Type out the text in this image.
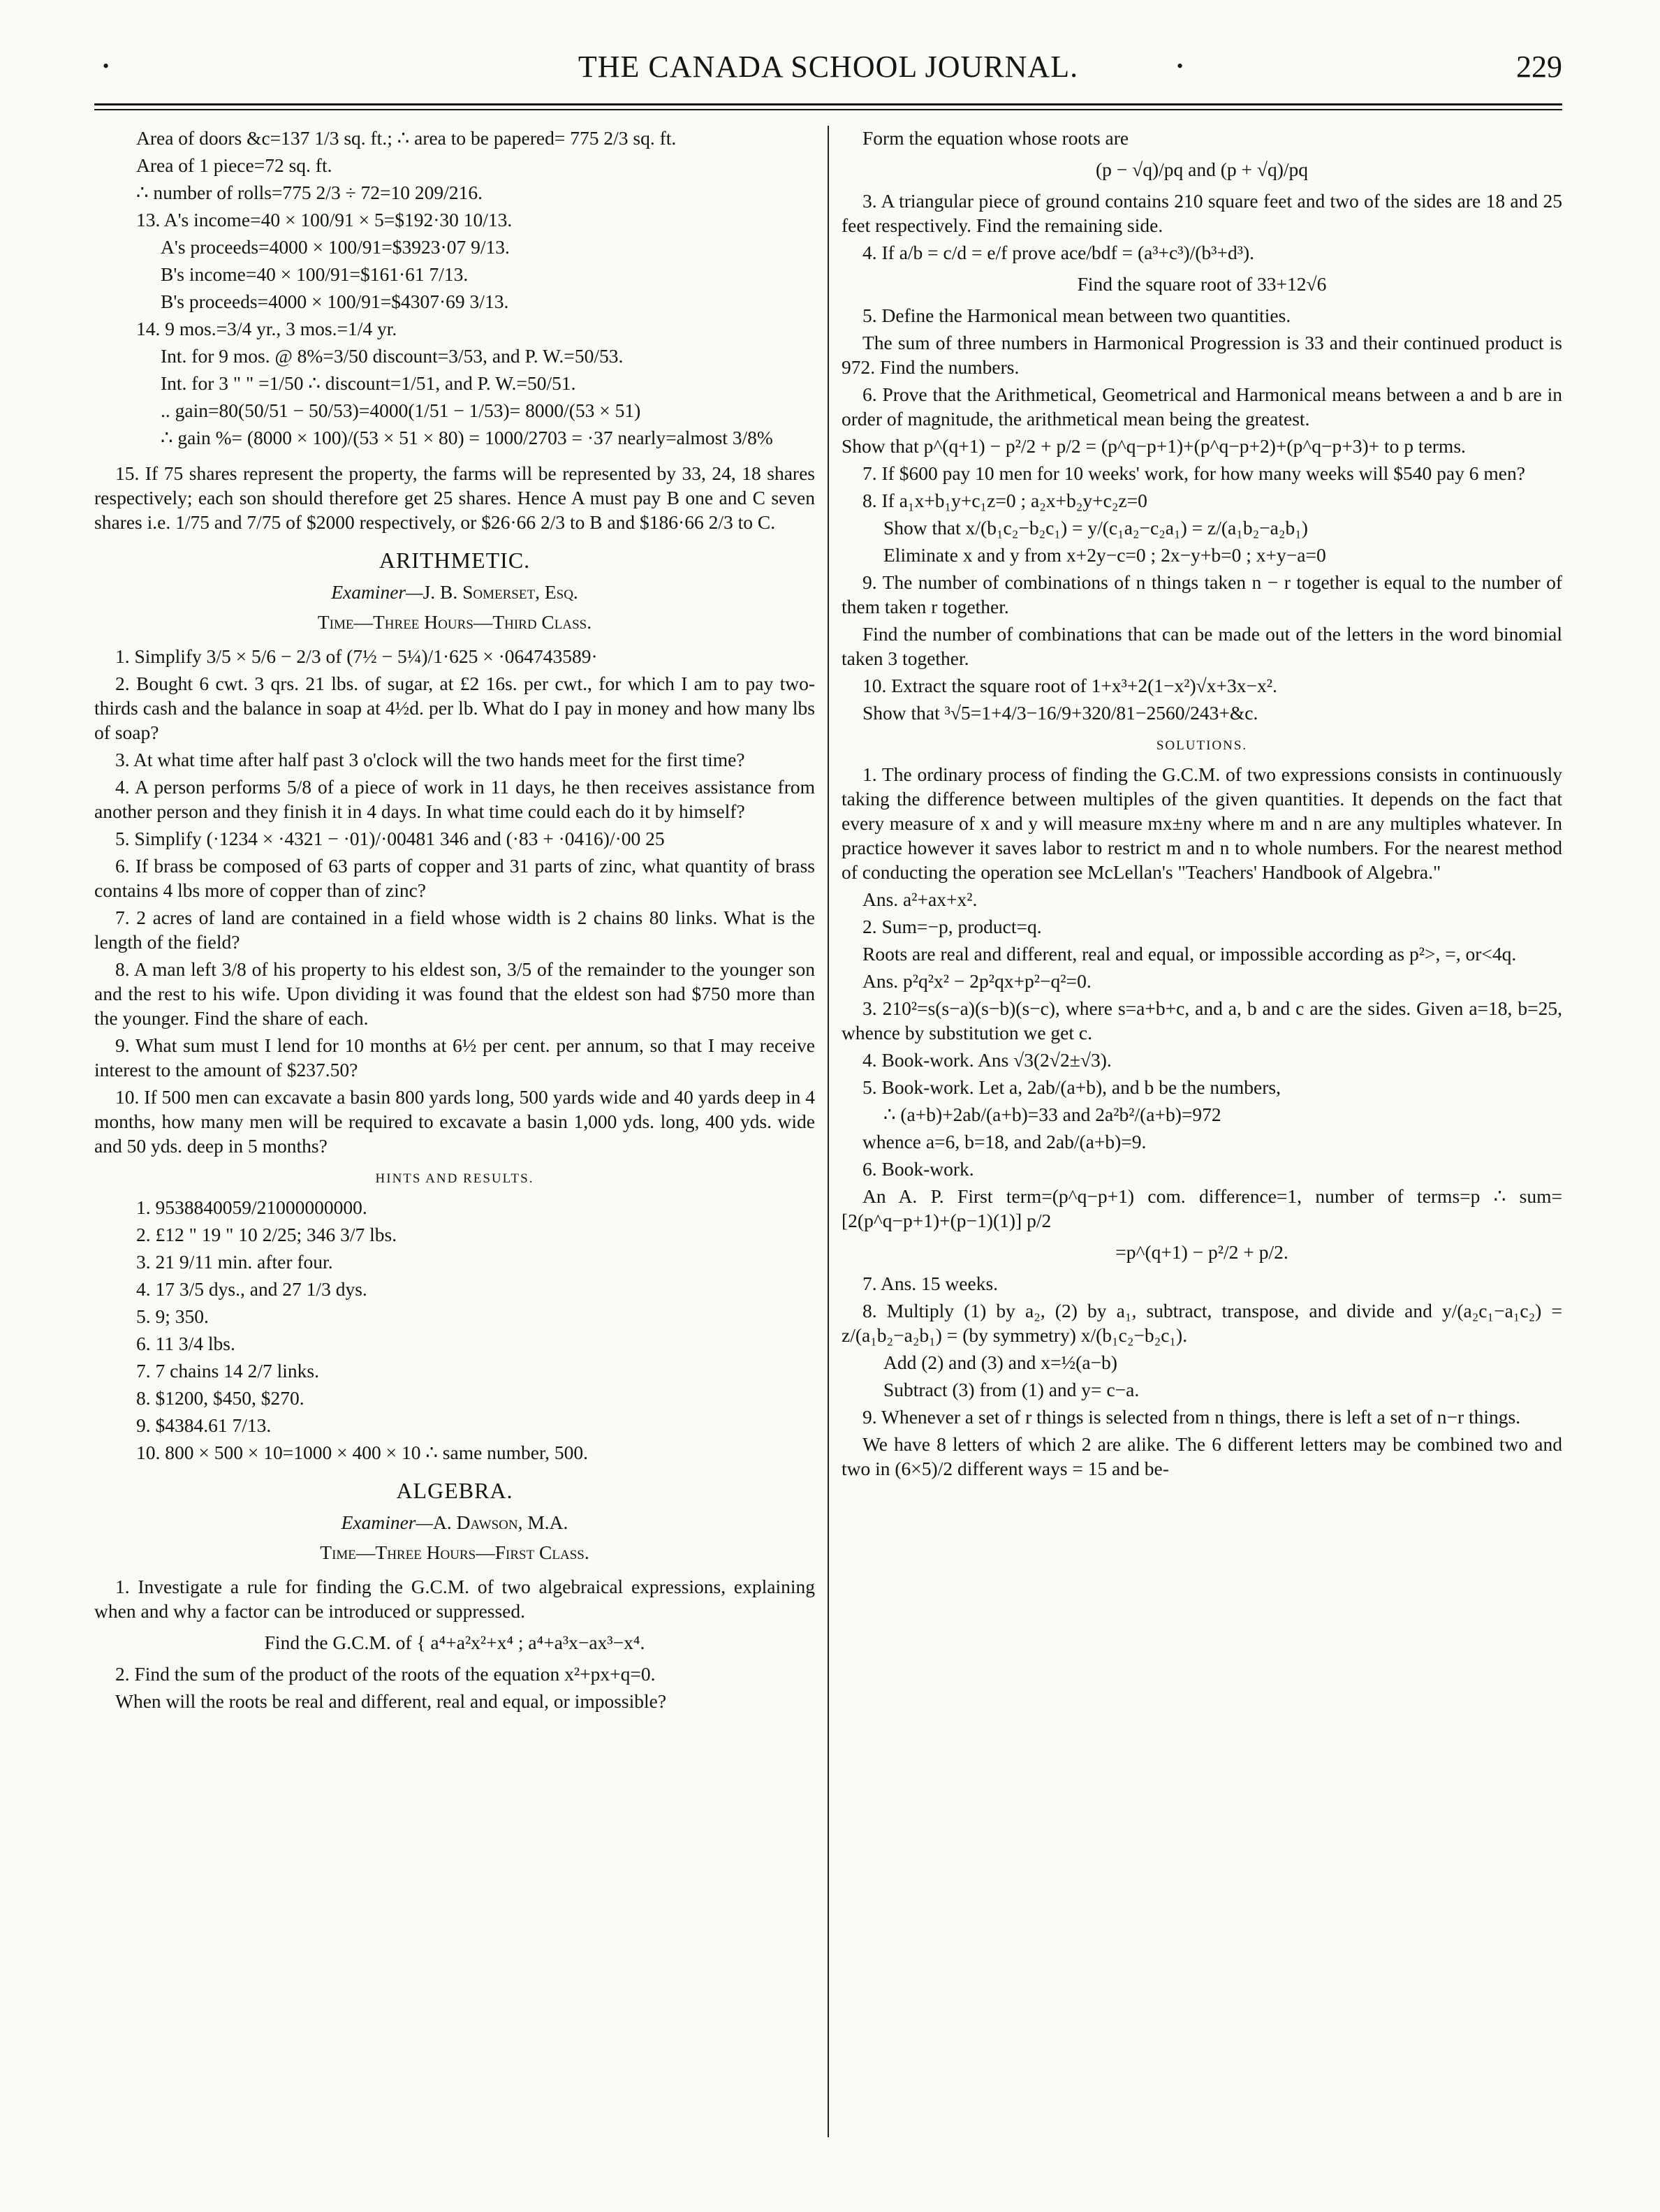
•	THE CANADA SCHOOL JOURNAL.	•	229

Area of doors &c=137 1/3 sq. ft.; ∴ area to be papered= 775 2/3 sq. ft.

Area of 1 piece=72 sq. ft.

∴ number of rolls=775 2/3 ÷ 72=10 209/216.

13. A's income=40 × 100/91 × 5=$192·30 10/13.

A's proceeds=4000 × 100/91=$3923·07 9/13.

B's income=40 × 100/91=$161·61 7/13.

B's proceeds=4000 × 100/91=$4307·69 3/13.

14. 9 mos.=3/4 yr., 3 mos.=1/4 yr.

Int. for 9 mos. @ 8%=3/50 discount=3/53, and P. W.=50/53.

Int. for 3 " " =1/50 ∴ discount=1/51, and P. W.=50/51.

.. gain=80(50/51 − 50/53)=4000(1/51 − 1/53)= 8000/(53 × 51)

∴ gain %= (8000 × 100)/(53 × 51 × 80) = 1000/2703 = ·37 nearly=almost 3/8%

15. If 75 shares represent the property, the farms will be represented by 33, 24, 18 shares respectively; each son should therefore get 25 shares. Hence A must pay B one and C seven shares i.e. 1/75 and 7/75 of $2000 respectively, or $26·66 2/3 to B and $186·66 2/3 to C.

ARITHMETIC.
Examiner—J. B. Somerset, Esq.
Time—Three Hours—Third Class.

1. Simplify 3/5 × 5/6 − 2/3 of (7½ − 5¼)/1·625 × ·064743589·

2. Bought 6 cwt. 3 qrs. 21 lbs. of sugar, at £2 16s. per cwt., for which I am to pay two-thirds cash and the balance in soap at 4½d. per lb. What do I pay in money and how many lbs of soap?

3. At what time after half past 3 o'clock will the two hands meet for the first time?

4. A person performs 5/8 of a piece of work in 11 days, he then receives assistance from another person and they finish it in 4 days. In what time could each do it by himself?

5. Simplify (·1234 × ·4321 − ·01)/·00481 346 and (·83 + ·0416)/·00 25

6. If brass be composed of 63 parts of copper and 31 parts of zinc, what quantity of brass contains 4 lbs more of copper than of zinc?

7. 2 acres of land are contained in a field whose width is 2 chains 80 links. What is the length of the field?

8. A man left 3/8 of his property to his eldest son, 3/5 of the remainder to the younger son and the rest to his wife. Upon dividing it was found that the eldest son had $750 more than the younger. Find the share of each.

9. What sum must I lend for 10 months at 6½ per cent. per annum, so that I may receive interest to the amount of $237.50?

10. If 500 men can excavate a basin 800 yards long, 500 yards wide and 40 yards deep in 4 months, how many men will be required to excavate a basin 1,000 yds. long, 400 yds. wide and 50 yds. deep in 5 months?

HINTS AND RESULTS.

1. 9538840059/21000000000.

2. £12 " 19 " 10 2/25; 346 3/7 lbs.

3. 21 9/11 min. after four.

4. 17 3/5 dys., and 27 1/3 dys.

5. 9; 350.

6. 11 3/4 lbs.

7. 7 chains 14 2/7 links.

8. $1200, $450, $270.

9. $4384.61 7/13.

10. 800 × 500 × 10=1000 × 400 × 10 ∴ same number, 500.

ALGEBRA.
Examiner—A. Dawson, M.A.
Time—Three Hours—First Class.

1. Investigate a rule for finding the G.C.M. of two algebraical expressions, explaining when and why a factor can be introduced or suppressed.

Find the G.C.M. of { a⁴+a²x²+x⁴ ; a⁴+a³x−ax³−x⁴.

2. Find the sum of the product of the roots of the equation x²+px+q=0.

When will the roots be real and different, real and equal, or impossible?

Form the equation whose roots are

(p − √q)/pq and (p + √q)/pq

3. A triangular piece of ground contains 210 square feet and two of the sides are 18 and 25 feet respectively. Find the remaining side.

4. If a/b = c/d = e/f prove ace/bdf = (a³+c³)/(b³+d³).

Find the square root of 33+12√6

5. Define the Harmonical mean between two quantities.

The sum of three numbers in Harmonical Progression is 33 and their continued product is 972. Find the numbers.

6. Prove that the Arithmetical, Geometrical and Harmonical means between a and b are in order of magnitude, the arithmetical mean being the greatest.

Show that p^(q+1) − p²/2 + p/2 = (p^q−p+1)+(p^q−p+2)+(p^q−p+3)+ to p terms.

7. If $600 pay 10 men for 10 weeks' work, for how many weeks will $540 pay 6 men?

8. If a₁x+b₁y+c₁z=0 ; a₂x+b₂y+c₂z=0

Show that x/(b₁c₂−b₂c₁) = y/(c₁a₂−c₂a₁) = z/(a₁b₂−a₂b₁)

Eliminate x and y from x+2y−c=0 ; 2x−y+b=0 ; x+y−a=0

9. The number of combinations of n things taken n − r together is equal to the number of them taken r together.

Find the number of combinations that can be made out of the letters in the word binomial taken 3 together.

10. Extract the square root of 1+x³+2(1−x²)√x+3x−x².

Show that ³√5=1+4/3−16/9+320/81−2560/243+&c.

SOLUTIONS.

1. The ordinary process of finding the G.C.M. of two expressions consists in continuously taking the difference between multiples of the given quantities. It depends on the fact that every measure of x and y will measure mx±ny where m and n are any multiples whatever. In practice however it saves labor to restrict m and n to whole numbers. For the nearest method of conducting the operation see McLellan's "Teachers' Handbook of Algebra."

Ans. a²+ax+x².

2. Sum=−p, product=q.

Roots are real and different, real and equal, or impossible according as p²>, =, or<4q.

Ans. p²q²x² − 2p²qx+p²−q²=0.

3. 210²=s(s−a)(s−b)(s−c), where s=a+b+c, and a, b and c are the sides. Given a=18, b=25, whence by substitution we get c.

4. Book-work. Ans √3(2√2±√3).

5. Book-work. Let a, 2ab/(a+b), and b be the numbers,

∴ (a+b)+2ab/(a+b)=33 and 2a²b²/(a+b)=972

whence a=6, b=18, and 2ab/(a+b)=9.

6. Book-work.

An A. P. First term=(p^q−p+1) com. difference=1, number of terms=p ∴ sum=[2(p^q−p+1)+(p−1)(1)] p/2

=p^(q+1) − p²/2 + p/2.

7. Ans. 15 weeks.

8. Multiply (1) by a₂, (2) by a₁, subtract, transpose, and divide and y/(a₂c₁−a₁c₂) = z/(a₁b₂−a₂b₁) = (by symmetry) x/(b₁c₂−b₂c₁).

Add (2) and (3) and x=½(a−b)

Subtract (3) from (1) and y= c−a.

9. Whenever a set of r things is selected from n things, there is left a set of n−r things.

We have 8 letters of which 2 are alike. The 6 different letters may be combined two and two in (6×5)/2 different ways = 15 and be-
